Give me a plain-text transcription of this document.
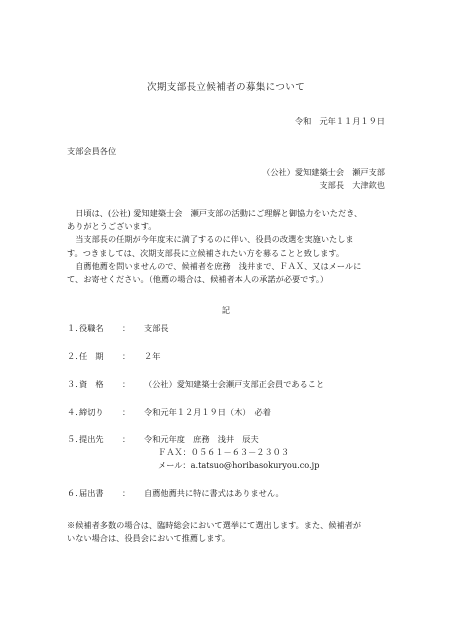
次期支部長立候補者の募集について
令和　元年１１月１９日
支部会員各位
（公社）愛知建築士会　瀬戸支部
支部長　大津欽也
　日頃は、(公社) 愛知建築士会　瀬戸支部の活動にご理解と御協力をいただき、
ありがとうございます。
　当支部長の任期が今年度末に満了するのに伴い、役員の改選を実施いたしま
す。つきましては、次期支部長に立候補されたい方を募ることと致します。
　自薦他薦を問いませんので、候補者を庶務　浅井まで、ＦＡＸ、又はメールに
て、お寄せください。（他薦の場合は、候補者本人の承諾が必要です。）
記
１．
役職名 ： 支部長
２．
任　期 ： ２年
３．
資　格 ： （公社）愛知建築士会瀬戸支部正会員であること
４．
締切り ： 令和元年１２月１９日（木）　必着
５．
提出先 ： 令和元年度　庶務　浅井　辰夫
ＦＡＸ：０５６１－６３－２３０３
メール：a.tatsuo@horibasokuryou.co.jp
６．
届出書 ： 自薦他薦共に特に書式はありません。
※候補者多数の場合は、臨時総会において選挙にて選出します。また、候補者が
いない場合は、役員会において推薦します。
